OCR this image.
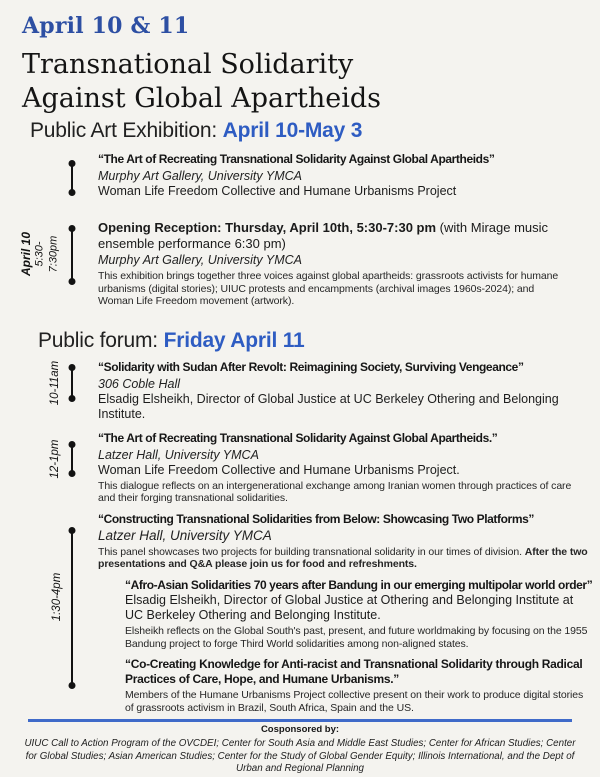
April 10 & 11
Transnational Solidarity
Against Global Apartheids
Public Art Exhibition: April 10-May 3
“The Art of Recreating Transnational Solidarity Against Global Apartheids”
Murphy Art Gallery, University YMCA
Woman Life Freedom Collective and Humane Urbanisms Project
April 10 5:30-7:30pm
Opening Reception: Thursday, April 10th, 5:30-7:30 pm (with Mirage music ensemble performance 6:30 pm)
Murphy Art Gallery, University YMCA
This exhibition brings together three voices against global apartheids: grassroots activists for humane urbanisms (digital stories); UIUC protests and encampments (archival images 1960s-2024); and Woman Life Freedom movement (artwork).
Public forum: Friday April 11
10-11am	“Solidarity with Sudan After Revolt: Reimagining Society, Surviving Vengeance”
306 Coble Hall
Elsadig Elsheikh, Director of Global Justice at UC Berkeley Othering and Belonging Institute.
12-1pm
“The Art of Recreating Transnational Solidarity Against Global Apartheids.”
Latzer Hall, University YMCA
Woman Life Freedom Collective and Humane Urbanisms Project.
This dialogue reflects on an intergenerational exchange among Iranian women through practices of care and their forging transnational solidarities.
1:30-4pm
“Constructing Transnational Solidarities from Below: Showcasing Two Platforms”
Latzer Hall, University YMCA
This panel showcases two projects for building transnational solidarity in our times of division. After the two presentations and Q&A please join us for food and refreshments.
“Afro-Asian Solidarities 70 years after Bandung in our emerging multipolar world order”
Elsadig Elsheikh, Director of Global Justice at Othering and Belonging Institute at UC Berkeley Othering and Belonging Institute.
Elsheikh reflects on the Global South's past, present, and future worldmaking by focusing on the 1955 Bandung project to forge Third World solidarities among non-aligned states.
“Co-Creating Knowledge for Anti-racist and Transnational Solidarity through Radical Practices of Care, Hope, and Humane Urbanisms.”
Members of the Humane Urbanisms Project collective present on their work to produce digital stories of grassroots activism in Brazil, South Africa, Spain and the US.
Cosponsored by:
UIUC Call to Action Program of the OVCDEI; Center for South Asia and Middle East Studies; Center for African Studies; Center for Global Studies; Asian American Studies; Center for the Study of Global Gender Equity; Illinois International, and the Dept of Urban and Regional Planning
